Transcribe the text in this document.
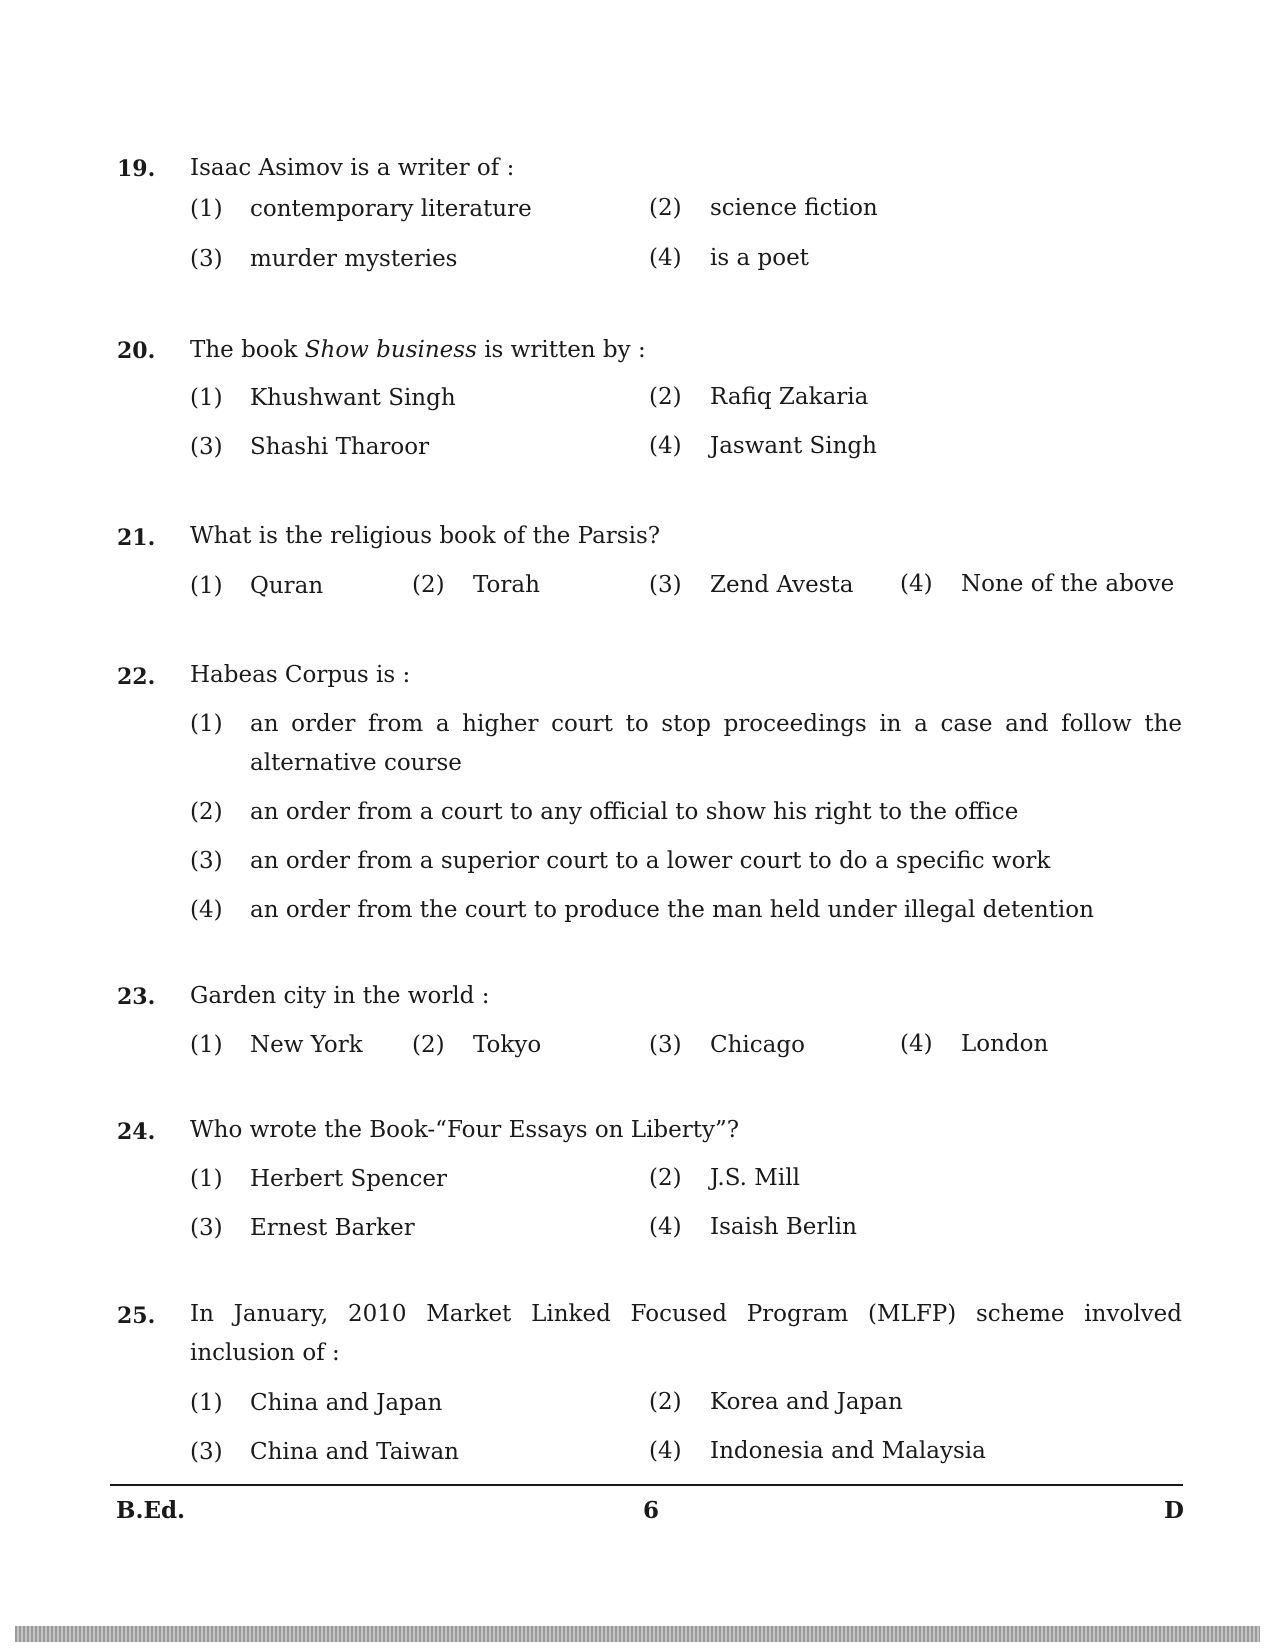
19. Isaac Asimov is a writer of :
(1) contemporary literature	(2) science fiction
(3) murder mysteries	(4) is a poet
20. The book Show business is written by :
(1) Khushwant Singh	(2) Rafiq Zakaria
(3) Shashi Tharoor	(4) Jaswant Singh
21. What is the religious book of the Parsis?
(1) Quran	(2) Torah	(3) Zend Avesta (4) None of the above
22. Habeas Corpus is :
(1) an order from a higher court to stop proceedings in a case and follow the
alternative course
(2) an order from a court to any official to show his right to the office
(3) an order from a superior court to a lower court to do a specific work
(4) an order from the court to produce the man held under illegal detention
23. Garden city in the world :
(1) New York (2) Tokyo	(3) Chicago	(4) London
24. Who wrote the Book-“Four Essays on Liberty”?
(1) Herbert Spencer	(2) J.S. Mill
(3) Ernest Barker	(4) Isaish Berlin
25. In January, 2010 Market Linked Focused Program (MLFP) scheme involved
inclusion of :
(1) China and Japan	(2) Korea and Japan
(3) China and Taiwan	(4) Indonesia and Malaysia
B.Ed.	6	D
